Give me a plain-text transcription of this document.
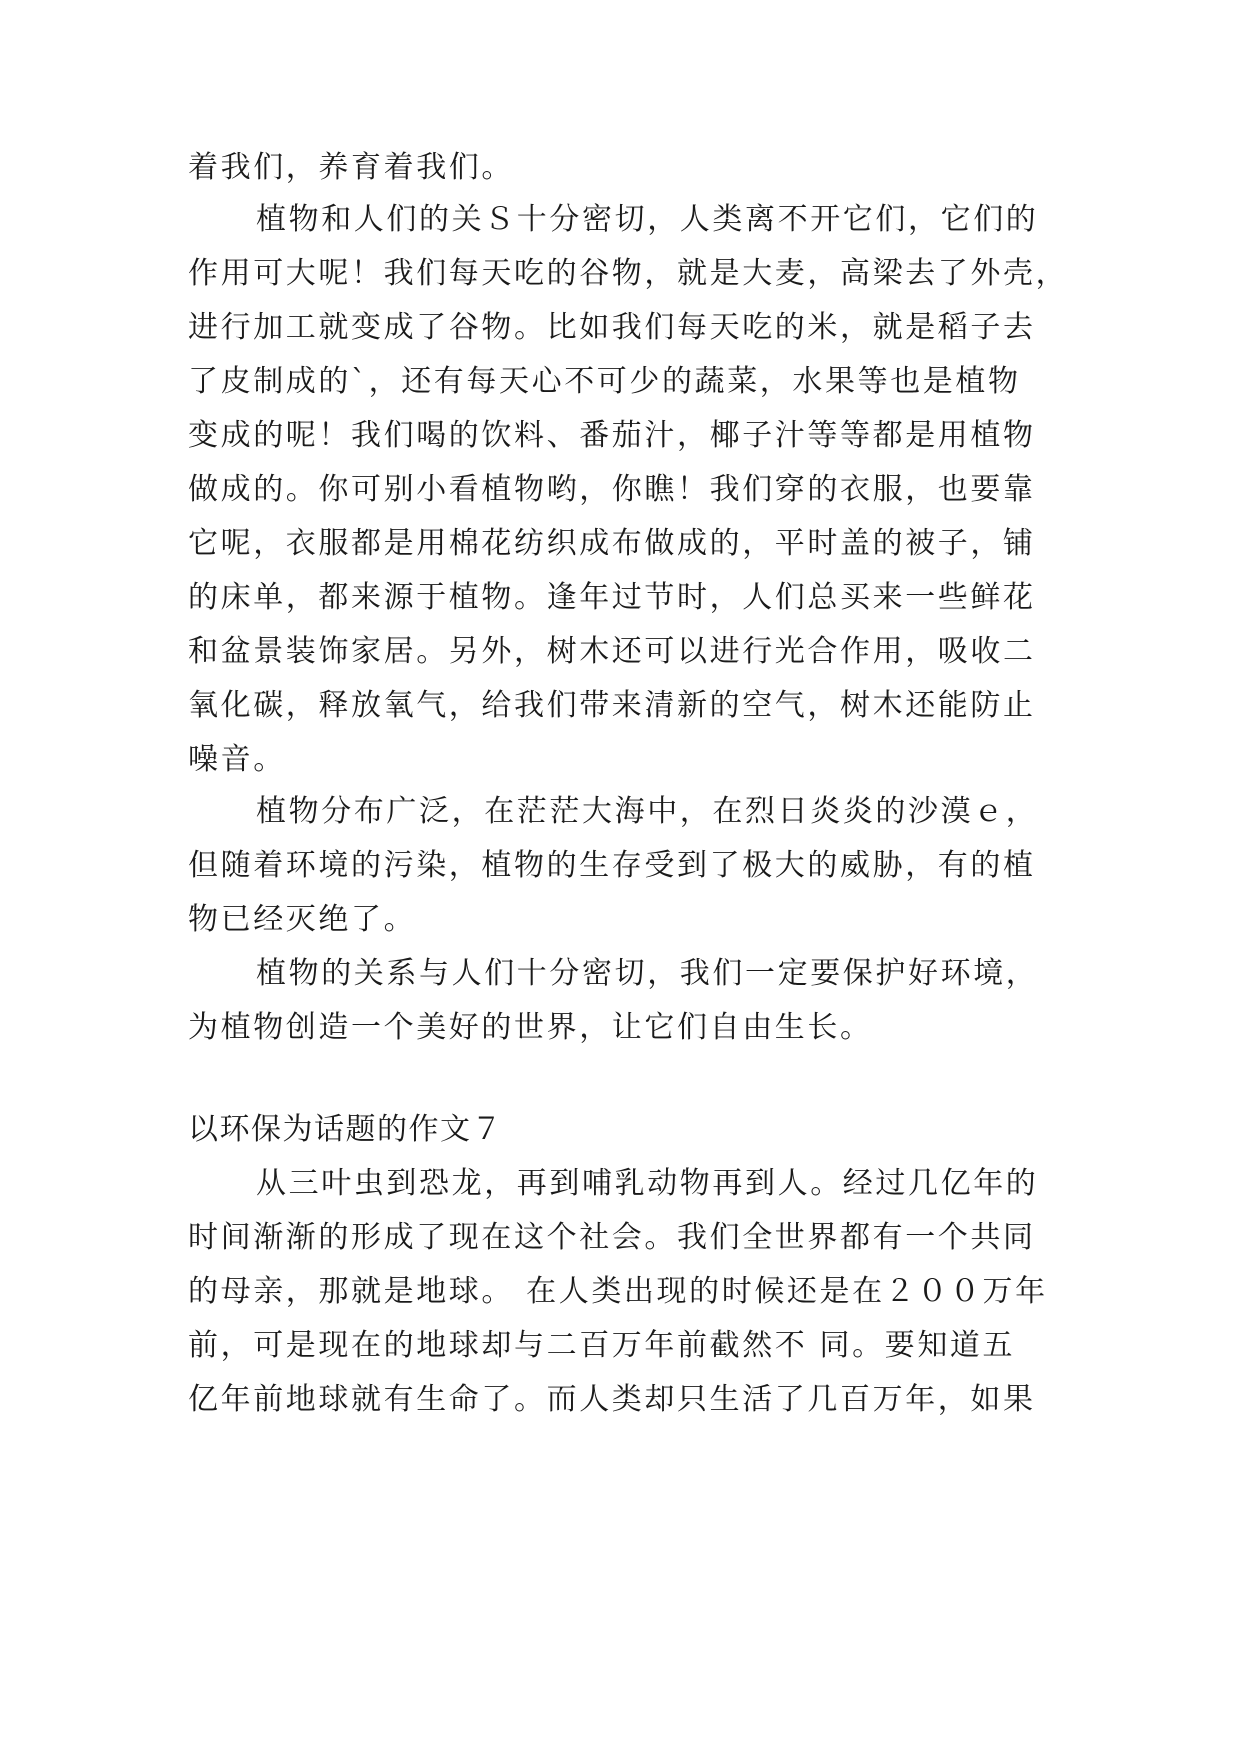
着我们，养育着我们。
植物和人们的关Ｓ十分密切，人类离不开它们，它们的
作用可大呢！我们每天吃的谷物，就是大麦，高梁去了外壳，
进行加工就变成了谷物。比如我们每天吃的米，就是稻子去
了皮制成的`，还有每天心不可少的蔬菜，水果等也是植物
变成的呢！我们喝的饮料、番茄汁，椰子汁等等都是用植物
做成的。你可别小看植物哟，你瞧！我们穿的衣服，也要靠
它呢，衣服都是用棉花纺织成布做成的，平时盖的被子，铺
的床单，都来源于植物。逢年过节时，人们总买来一些鲜花
和盆景装饰家居。另外，树木还可以进行光合作用，吸收二
氧化碳，释放氧气，给我们带来清新的空气，树木还能防止
噪音。
植物分布广泛，在茫茫大海中，在烈日炎炎的沙漠ｅ，
但随着环境的污染，植物的生存受到了极大的威胁，有的植
物已经灭绝了。
植物的关系与人们十分密切，我们一定要保护好环境，
为植物创造一个美好的世界，让它们自由生长。
以环保为话题的作文７
从三叶虫到恐龙，再到哺乳动物再到人。经过几亿年的
时间渐渐的形成了现在这个社会。我们全世界都有一个共同
的母亲，那就是地球。 在人类出现的时候还是在２００万年
前，可是现在的地球却与二百万年前截然不 同。要知道五
亿年前地球就有生命了。而人类却只生活了几百万年，如果
